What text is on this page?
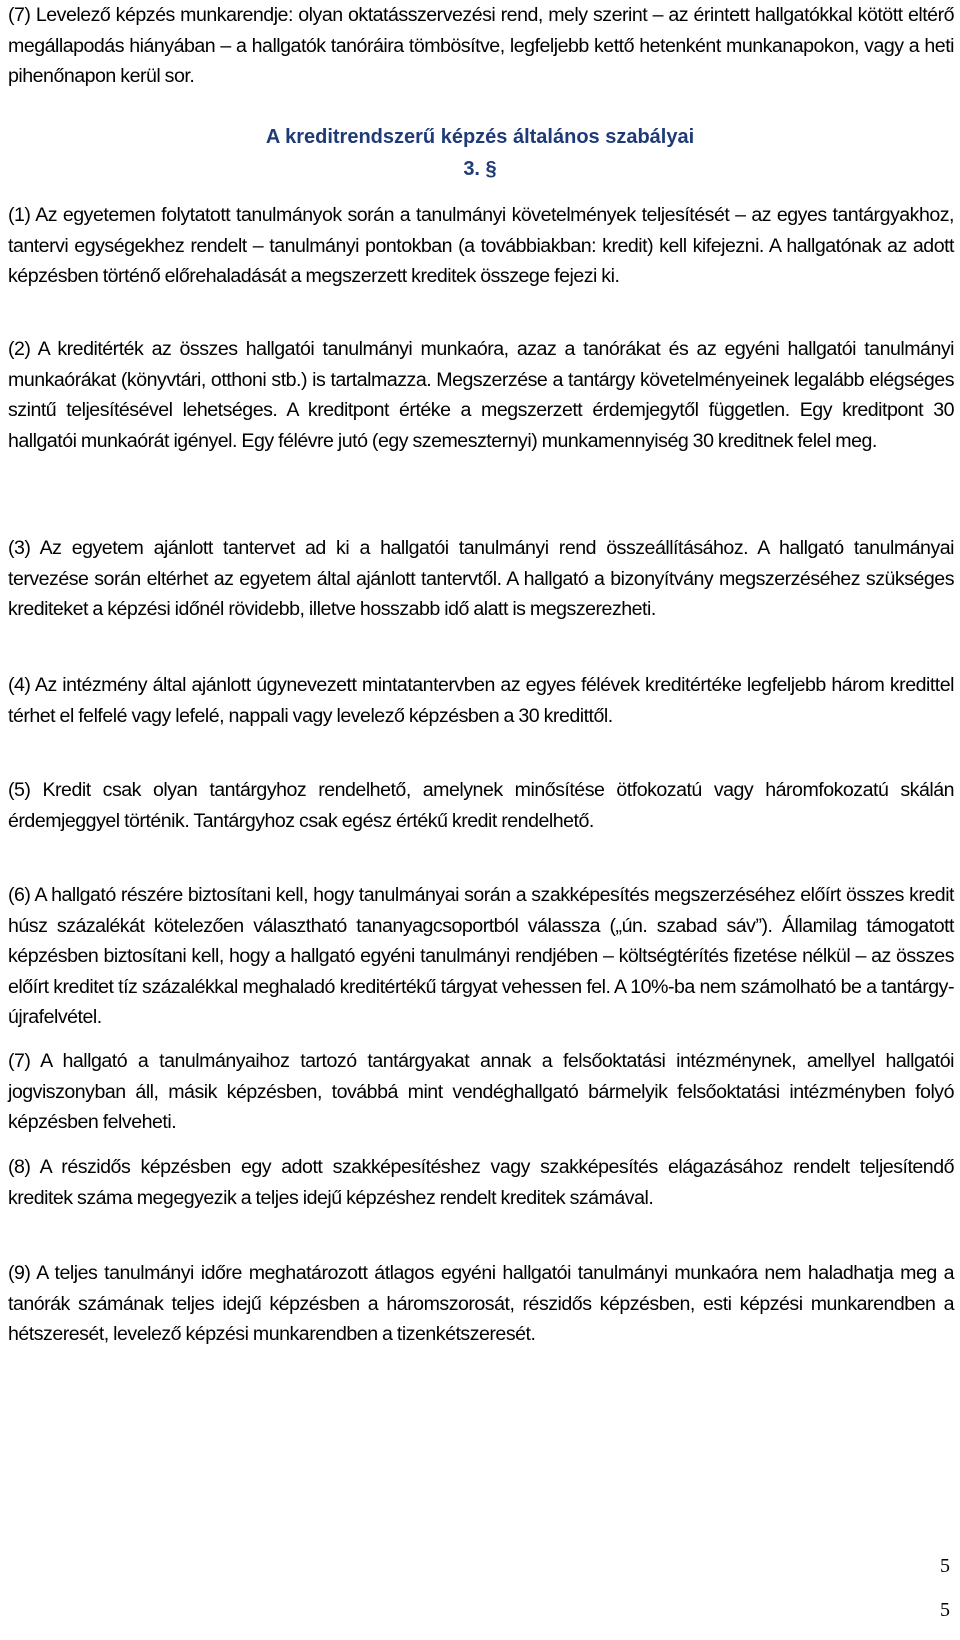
(7) Levelező képzés munkarendje: olyan oktatásszervezési rend, mely szerint – az érintett hallgatókkal kötött eltérő megállapodás hiányában – a hallgatók tanóráira tömbösítve, legfeljebb kettő hetenként munkanapokon, vagy a heti pihenőnapon kerül sor.

A kreditrendszerű képzés általános szabályai
3. §

(1) Az egyetemen folytatott tanulmányok során a tanulmányi követelmények teljesítését – az egyes tantárgyakhoz, tantervi egységekhez rendelt – tanulmányi pontokban (a továbbiakban: kredit) kell kifejezni. A hallgatónak az adott képzésben történő előrehaladását a megszerzett kreditek összege fejezi ki.

(2) A kreditérték az összes hallgatói tanulmányi munkaóra, azaz a tanórákat és az egyéni hallgatói tanulmányi munkaórákat (könyvtári, otthoni stb.) is tartalmazza. Megszerzése a tantárgy követelményeinek legalább elégséges szintű teljesítésével lehetséges. A kreditpont értéke a megszerzett érdemjegytől független. Egy kreditpont 30 hallgatói munkaórát igényel. Egy félévre jutó (egy szemeszternyi) munkamennyiség 30 kreditnek felel meg.

(3) Az egyetem ajánlott tantervet ad ki a hallgatói tanulmányi rend összeállításához. A hallgató tanulmányai tervezése során eltérhet az egyetem által ajánlott tantervtől. A hallgató a bizonyítvány megszerzéséhez szükséges krediteket a képzési időnél rövidebb, illetve hosszabb idő alatt is megszerezheti.

(4) Az intézmény által ajánlott úgynevezett mintatantervben az egyes félévek kreditértéke legfeljebb három kredittel térhet el felfelé vagy lefelé, nappali vagy levelező képzésben a 30 kredittől.

(5) Kredit csak olyan tantárgyhoz rendelhető, amelynek minősítése ötfokozatú vagy háromfokozatú skálán érdemjeggyel történik. Tantárgyhoz csak egész értékű kredit rendelhető.

(6) A hallgató részére biztosítani kell, hogy tanulmányai során a szakképesítés megszerzéséhez előírt összes kredit húsz százalékát kötelezően választható tananyagcsoportból válassza („ún. szabad sáv”). Államilag támogatott képzésben biztosítani kell, hogy a hallgató egyéni tanulmányi rendjében – költségtérítés fizetése nélkül – az összes előírt kreditet tíz százalékkal meghaladó kreditértékű tárgyat vehessen fel. A 10%-ba nem számolható be a tantárgy-újrafelvétel.

(7) A hallgató a tanulmányaihoz tartozó tantárgyakat annak a felsőoktatási intézménynek, amellyel hallgatói jogviszonyban áll, másik képzésben, továbbá mint vendéghallgató bármelyik felsőoktatási intézményben folyó képzésben felveheti.

(8) A részidős képzésben egy adott szakképesítéshez vagy szakképesítés elágazásához rendelt teljesítendő kreditek száma megegyezik a teljes idejű képzéshez rendelt kreditek számával.

(9) A teljes tanulmányi időre meghatározott átlagos egyéni hallgatói tanulmányi munkaóra nem haladhatja meg a tanórák számának teljes idejű képzésben a háromszorosát, részidős képzésben, esti képzési munkarendben a hétszeresét, levelező képzési munkarendben a tizenkétszeresét.

5
5
